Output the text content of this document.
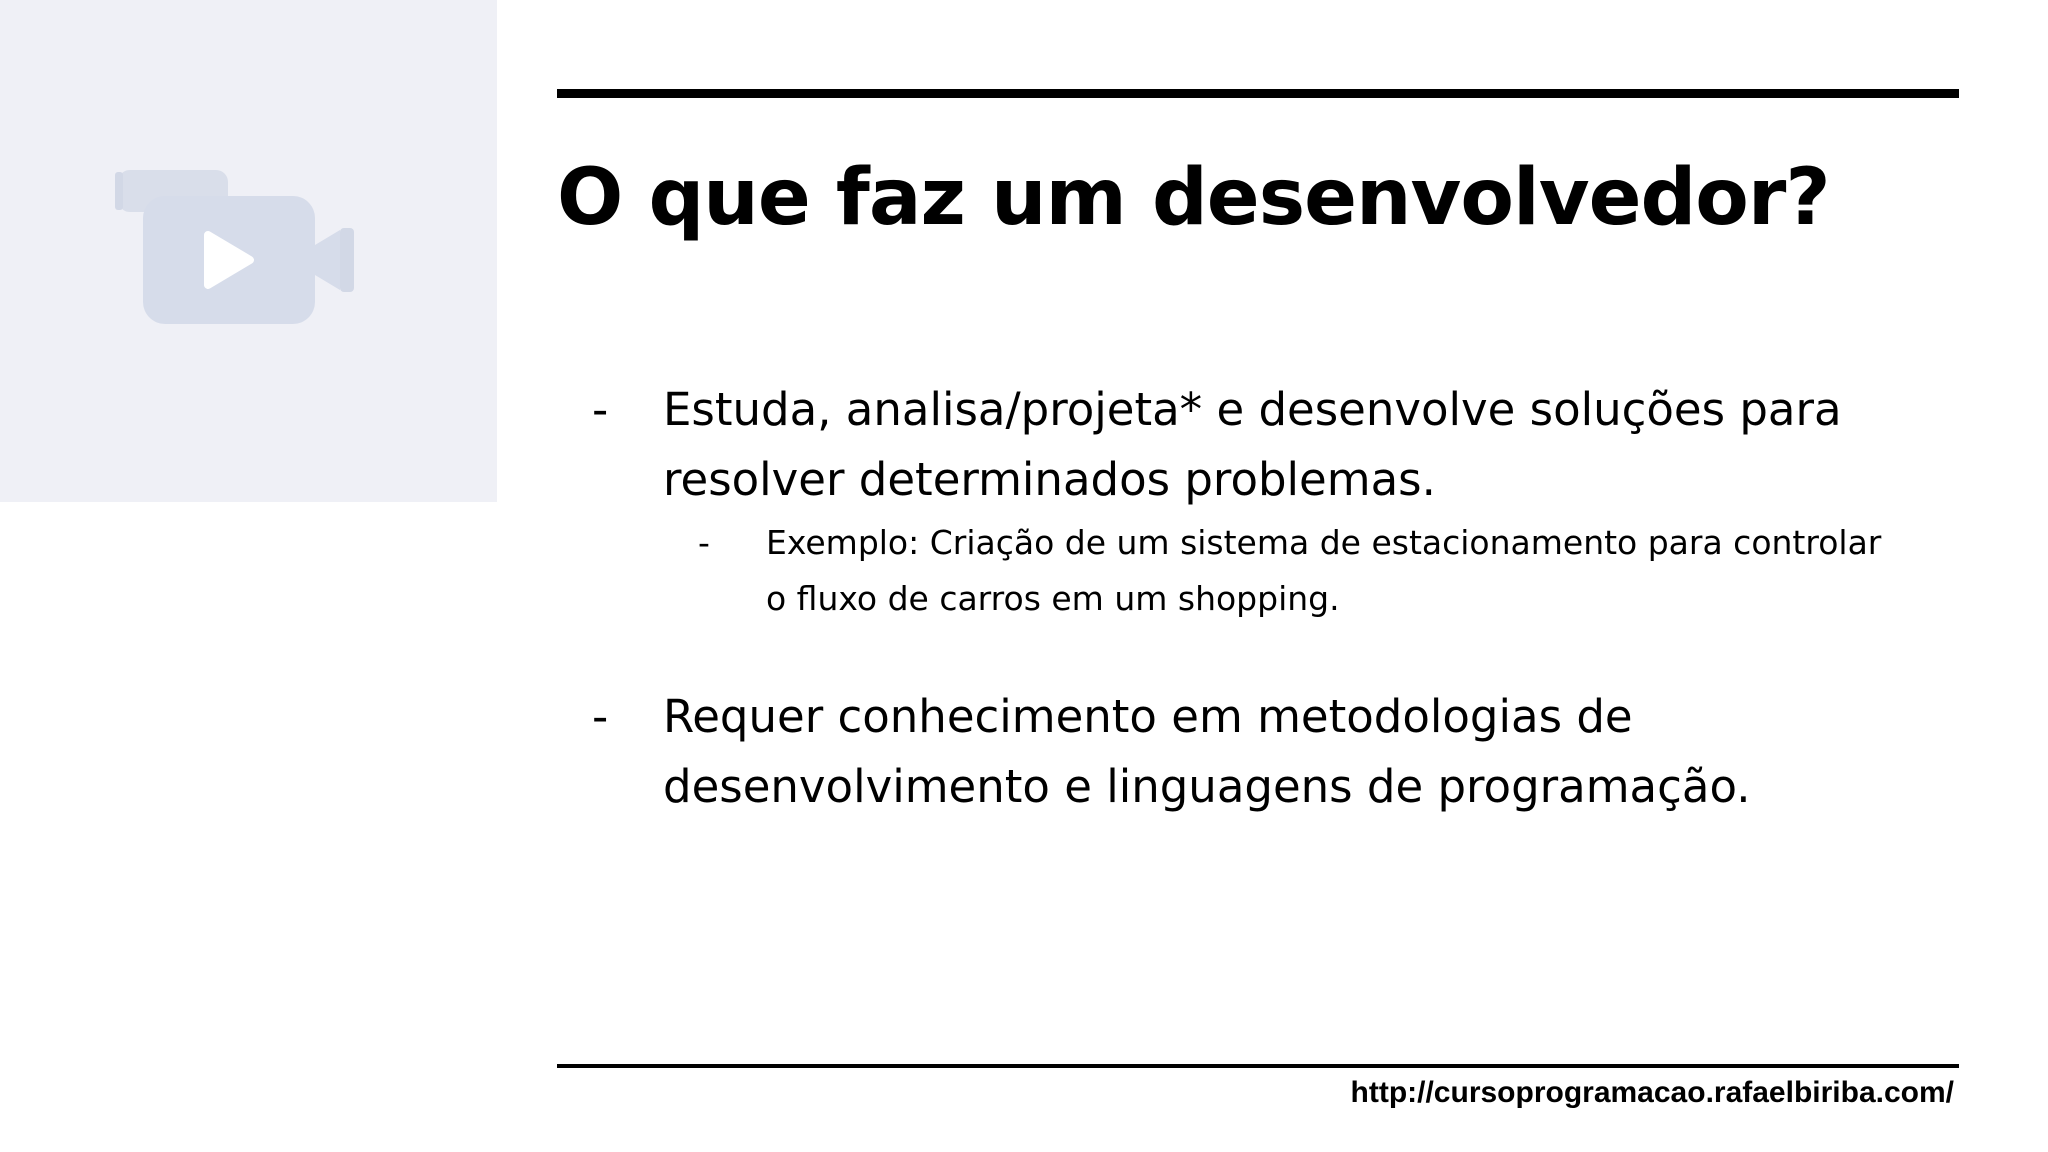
O que faz um desenvolvedor?
- Estuda, analisa/projeta* e desenvolve soluções para
resolver determinados problemas.
- Exemplo: Criação de um sistema de estacionamento para controlar
o fluxo de carros em um shopping.
- Requer conhecimento em metodologias de
desenvolvimento e linguagens de programação.
http://cursoprogramacao.rafaelbiriba.com/
